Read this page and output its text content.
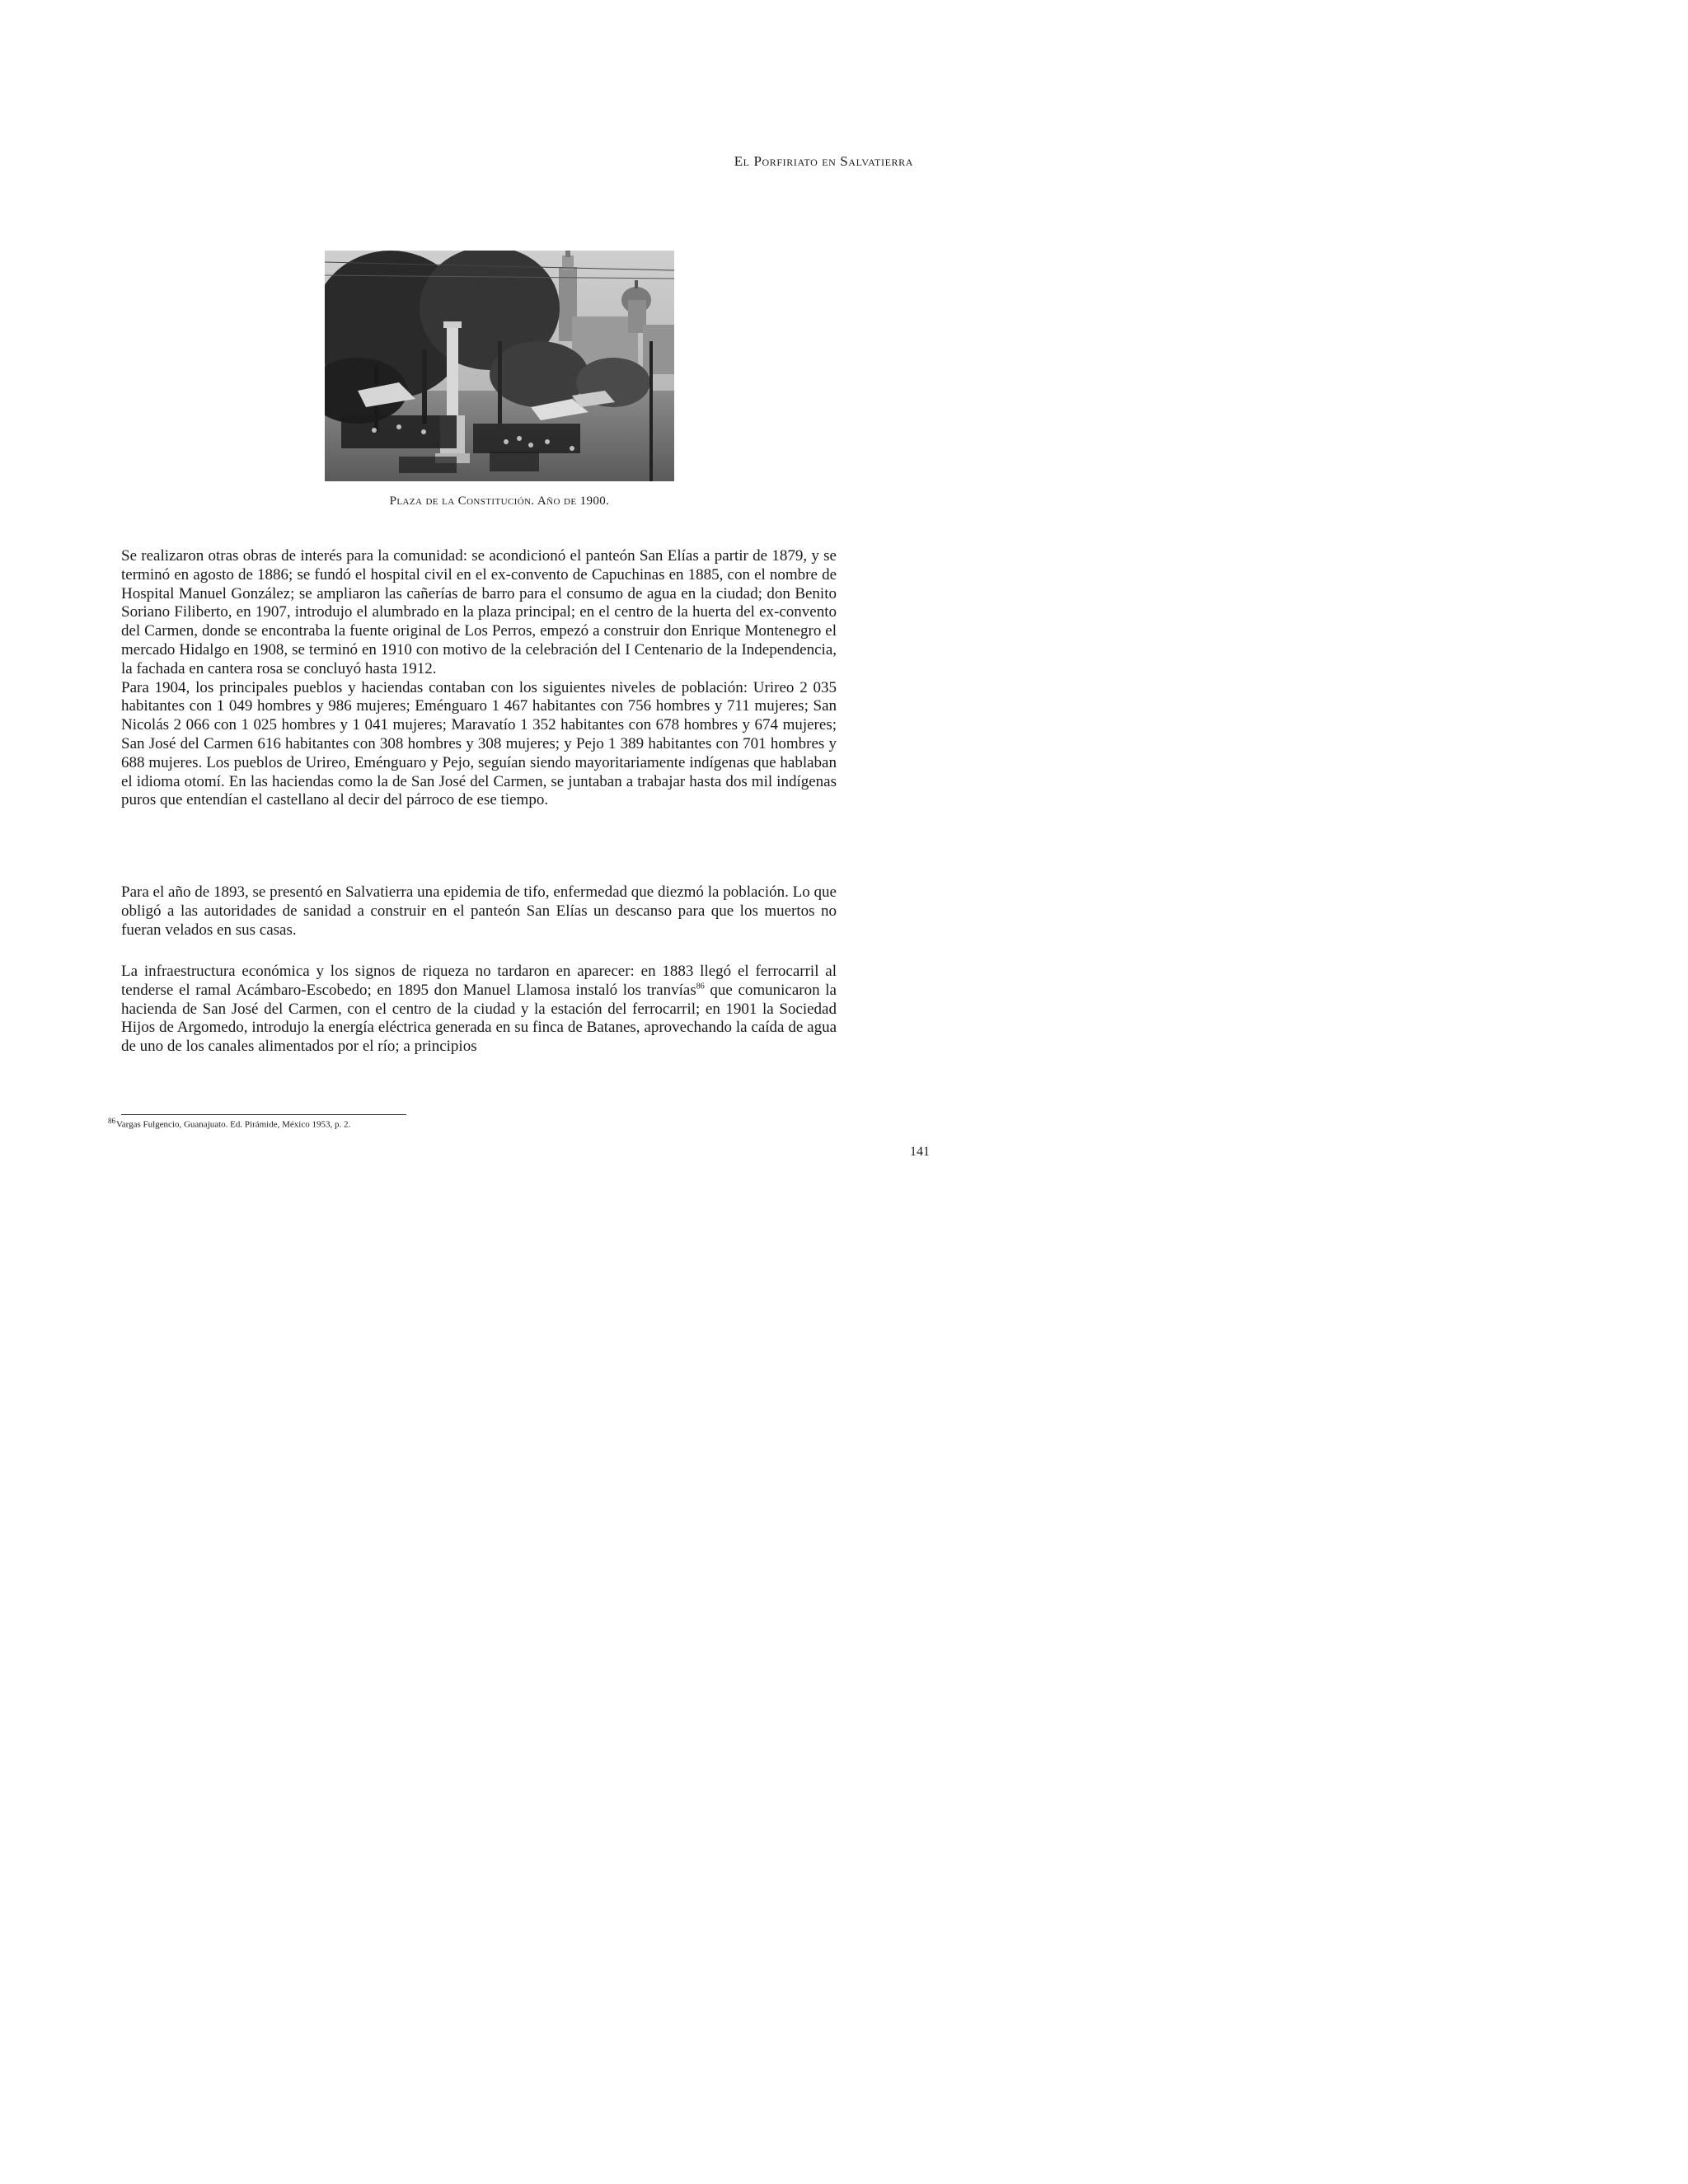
El Porfiriato en Salvatierra
Plaza de la Constitución. Año de 1900.
Se realizaron otras obras de interés para la comunidad: se acondicionó el panteón San Elías a partir de 1879, y se terminó en agosto de 1886; se fundó el hospital civil en el ex-convento de Capuchinas en 1885, con el nombre de Hospital Manuel González; se ampliaron las cañerías de barro para el consumo de agua en la ciudad; don Benito Soriano Filiberto, en 1907, introdujo el alumbrado en la plaza principal; en el centro de la huerta del ex-convento del Carmen, donde se encontraba la fuente original de Los Perros, empezó a construir don Enrique Montenegro el mercado Hidalgo en 1908, se terminó en 1910 con motivo de la celebración del I Centenario de la Independencia, la fachada en cantera rosa se concluyó hasta 1912.
Para 1904, los principales pueblos y haciendas contaban con los siguientes niveles de población: Urireo 2 035 habitantes con 1 049 hombres y 986 mujeres; Eménguaro 1 467 habitantes con 756 hombres y 711 mujeres; San Nicolás 2 066 con 1 025 hombres y 1 041 mujeres; Maravatío 1 352 habitantes con 678 hombres y 674 mujeres; San José del Carmen 616 habitantes con 308 hombres y 308 mujeres; y Pejo 1 389 habitantes con 701 hombres y 688 mujeres. Los pueblos de Urireo, Eménguaro y Pejo, seguían siendo mayoritariamente indígenas que hablaban el idioma otomí. En las haciendas como la de San José del Carmen, se juntaban a trabajar hasta dos mil indígenas puros que entendían el castellano al decir del párroco de ese tiempo.

Para el año de 1893, se presentó en Salvatierra una epidemia de tifo, enfermedad que diezmó la población. Lo que obligó a las autoridades de sanidad a construir en el panteón San Elías un descanso para que los muertos no fueran velados en sus casas.

La infraestructura económica y los signos de riqueza no tardaron en aparecer: en 1883 llegó el ferrocarril al tenderse el ramal Acámbaro-Escobedo; en 1895 don Manuel Llamosa instaló los tranvías$^{86}$ que comunicaron la hacienda de San José del Carmen, con el centro de la ciudad y la estación del ferrocarril; en 1901 la Sociedad Hijos de Argomedo, introdujo la energía eléctrica generada en su finca de Batanes, aprovechando la caída de agua de uno de los canales alimentados por el río; a principios

$^{86}$Vargas Fulgencio, Guanajuato. Ed. Pirámide, México 1953, p. 2.
141
